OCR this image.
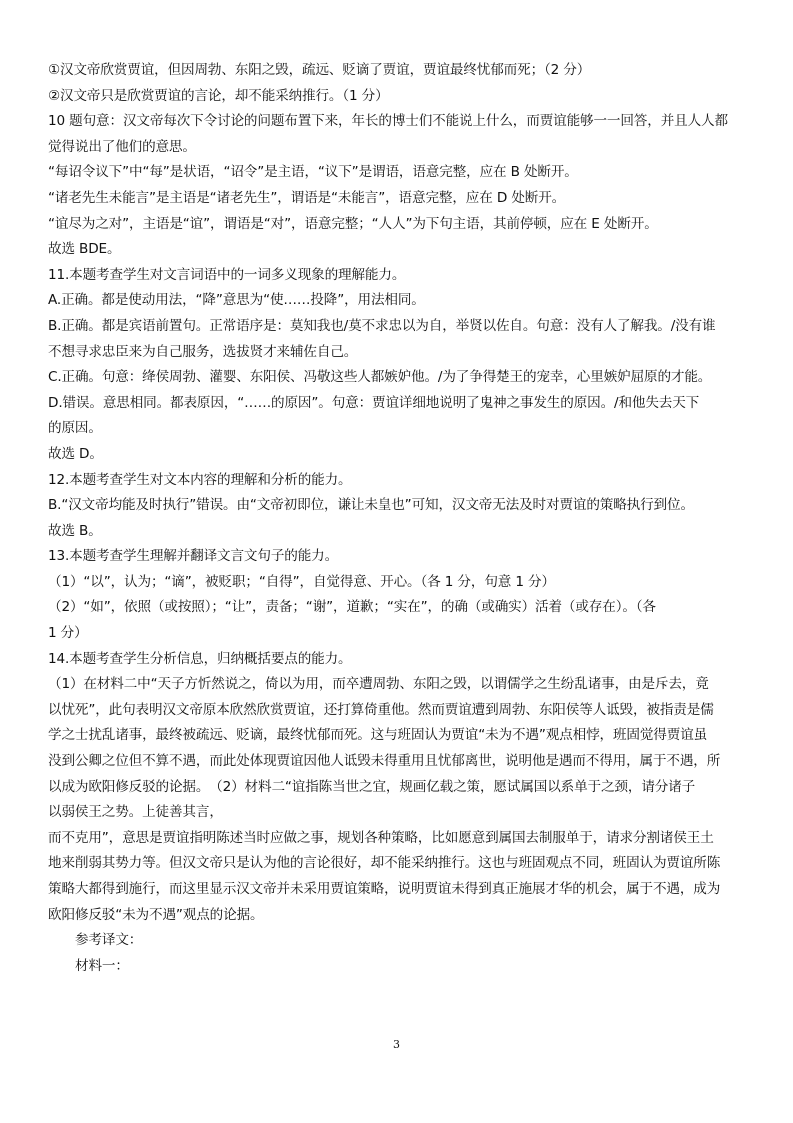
①汉文帝欣赏贾谊，但因周勃、东阳之毁，疏远、贬谪了贾谊，贾谊最终忧郁而死；（2 分）
②汉文帝只是欣赏贾谊的言论，却不能采纳推行。（1 分）
10 题句意：汉文帝每次下令讨论的问题布置下来，年长的博士们不能说上什么，而贾谊能够一一回答，并且人人都
觉得说出了他们的意思。
“每诏令议下”中“每”是状语，“诏令”是主语，“议下”是谓语，语意完整，应在 B 处断开。
“诸老先生未能言”是主语是“诸老先生”，谓语是“未能言”，语意完整，应在 D 处断开。
“谊尽为之对”，主语是“谊”，谓语是“对”，语意完整；“人人”为下句主语，其前停顿，应在 E 处断开。
故选 BDE。
11.本题考查学生对文言词语中的一词多义现象的理解能力。
A.正确。都是使动用法，“降”意思为“使……投降”，用法相同。
B.正确。都是宾语前置句。正常语序是：莫知我也/莫不求忠以为自，举贤以佐自。句意：没有人了解我。/没有谁
不想寻求忠臣来为自己服务，选拔贤才来辅佐自己。
C.正确。句意：绛侯周勃、灌婴、东阳侯、冯敬这些人都嫉妒他。/为了争得楚王的宠幸，心里嫉妒屈原的才能。
D.错误。意思相同。都表原因，“……的原因”。句意：贾谊详细地说明了鬼神之事发生的原因。/和他失去天下
的原因。
故选 D。
12.本题考查学生对文本内容的理解和分析的能力。
B.“汉文帝均能及时执行”错误。由“文帝初即位，谦让未皇也”可知，汉文帝无法及时对贾谊的策略执行到位。
故选 B。
13.本题考查学生理解并翻译文言文句子的能力。
（1）“以”，认为；“谪”，被贬职；“自得”，自觉得意、开心。（各 1 分，句意 1 分）
（2）“如”，依照（或按照）；“让”，责备；“谢”，道歉；“实在”，的确（或确实）活着（或存在）。（各
1 分）
14.本题考查学生分析信息，归纳概括要点的能力。
（1）在材料二中“天子方忻然说之，倚以为用，而卒遭周勃、东阳之毁，以谓儒学之生纷乱诸事，由是斥去，竟
以忧死”，此句表明汉文帝原本欣然欣赏贾谊，还打算倚重他。然而贾谊遭到周勃、东阳侯等人诋毁，被指责是儒
学之士扰乱诸事，最终被疏远、贬谪，最终忧郁而死。这与班固认为贾谊“未为不遇”观点相悖，班固觉得贾谊虽
没到公卿之位但不算不遇，而此处体现贾谊因他人诋毁未得重用且忧郁离世，说明他是遇而不得用，属于不遇，所
以成为欧阳修反驳的论据。　（2）材料二“谊指陈当世之宜，规画亿载之策，愿试属国以系单于之颈，请分诸子
以弱侯王之势。上徒善其言，
而不克用”，意思是贾谊指明陈述当时应做之事，规划各种策略，比如愿意到属国去制服单于，请求分割诸侯王土
地来削弱其势力等。但汉文帝只是认为他的言论很好，却不能采纳推行。这也与班固观点不同，班固认为贾谊所陈
策略大都得到施行，而这里显示汉文帝并未采用贾谊策略，说明贾谊未得到真正施展才华的机会，属于不遇，成为
欧阳修反驳“未为不遇”观点的论据。
参考译文：
材料一：
3
